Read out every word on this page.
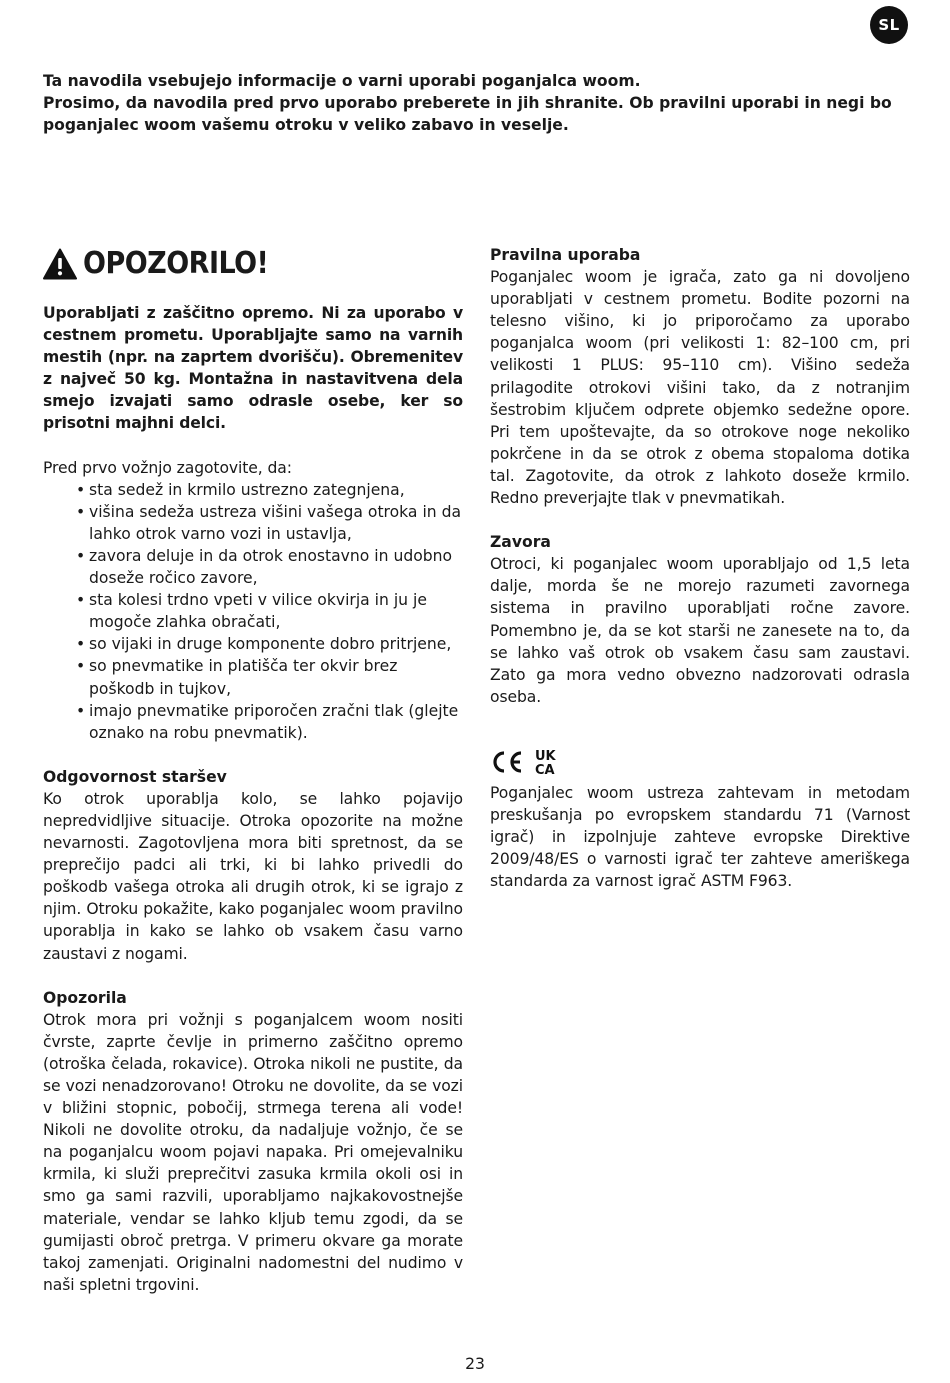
SL

Ta navodila vsebujejo informacije o varni uporabi poganjalca woom.

Prosimo, da navodila pred prvo uporabo preberete in jih shranite. Ob pravilni uporabi in negi bo poganjalec woom vašemu otroku v veliko zabavo in veselje.

OPOZORILO!

Uporabljati z zaščitno opremo. Ni za uporabo v cestnem prometu. Uporabljajte samo na varnih mestih (npr. na zaprtem dvorišču). Obremenitev z največ 50 kg. Montažna in nastavitvena dela smejo izvajati samo odrasle osebe, ker so prisotni majhni delci.

Pred prvo vožnjo zagotovite, da:

• sta sedež in krmilo ustrezno zategnjena,
• višina sedeža ustreza višini vašega otroka in da lahko otrok varno vozi in ustavlja,
• zavora deluje in da otrok enostavno in udobno doseže ročico zavore,
• sta kolesi trdno vpeti v vilice okvirja in ju je mogoče zlahka obračati,
• so vijaki in druge komponente dobro pritrjene,
• so pnevmatike in platišča ter okvir brez poškodb in tujkov,
• imajo pnevmatike priporočen zračni tlak (glejte oznako na robu pnevmatik).

Odgovornost staršev

Ko otrok uporablja kolo, se lahko pojavijo nepredvidljive situacije. Otroka opozorite na možne nevarnosti. Zagotovljena mora biti spretnost, da se preprečijo padci ali trki, ki bi lahko privedli do poškodb vašega otroka ali drugih otrok, ki se igrajo z njim. Otroku pokažite, kako poganjalec woom pravilno uporablja in kako se lahko ob vsakem času varno zaustavi z nogami.

Opozorila

Otrok mora pri vožnji s poganjalcem woom nositi čvrste, zaprte čevlje in primerno zaščitno opremo (otroška čelada, rokavice). Otroka nikoli ne pustite, da se vozi nenadzorovano! Otroku ne dovolite, da se vozi v bližini stopnic, pobočij, strmega terena ali vode! Nikoli ne dovolite otroku, da nadaljuje vožnjo, če se na poganjalcu woom pojavi napaka. Pri omejevalniku krmila, ki služi preprečitvi zasuka krmila okoli osi in smo ga sami razvili, uporabljamo najkakovostnejše materiale, vendar se lahko kljub temu zgodi, da se gumijasti obroč pretrga. V primeru okvare ga morate takoj zamenjati. Originalni nadomestni del nudimo v naši spletni trgovini.

Pravilna uporaba

Poganjalec woom je igrača, zato ga ni dovoljeno uporabljati v cestnem prometu. Bodite pozorni na telesno višino, ki jo priporočamo za uporabo poganjalca woom (pri velikosti 1: 82–100 cm, pri velikosti 1 PLUS: 95–110 cm). Višino sedeža prilagodite otrokovi višini tako, da z notranjim šestrobim ključem odprete objemko sedežne opore. Pri tem upoštevajte, da so otrokove noge nekoliko pokrčene in da se otrok z obema stopaloma dotika tal. Zagotovite, da otrok z lahkoto doseže krmilo. Redno preverjajte tlak v pnevmatikah.

Zavora

Otroci, ki poganjalec woom uporabljajo od 1,5 leta dalje, morda še ne morejo razumeti zavornega sistema in pravilno uporabljati ročne zavore. Pomembno je, da se kot starši ne zanesete na to, da se lahko vaš otrok ob vsakem času sam zaustavi. Zato ga mora vedno obvezno nadzorovati odrasla oseba.

UK
CA

Poganjalec woom ustreza zahtevam in metodam preskušanja po evropskem standardu 71 (Varnost igrač) in izpolnjuje zahteve evropske Direktive 2009/48/ES o varnosti igrač ter zahteve ameriškega standarda za varnost igrač ASTM F963.

23
